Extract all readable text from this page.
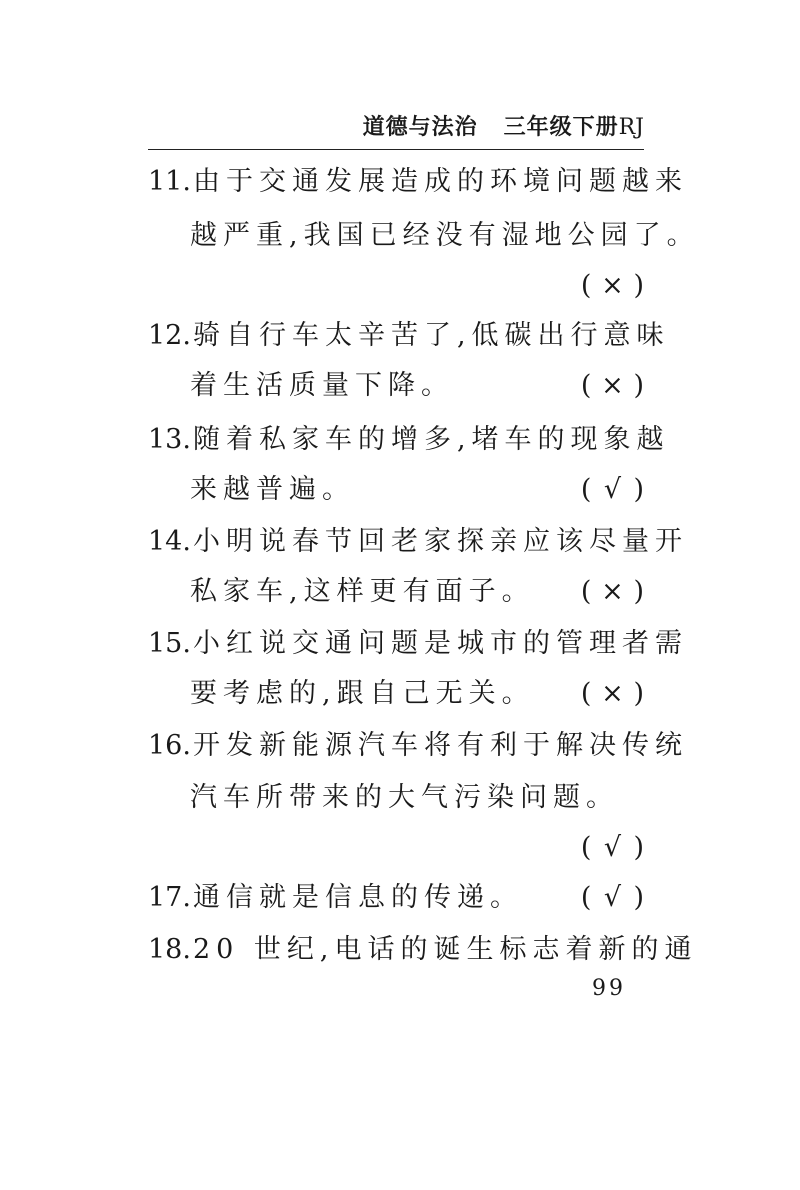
道德与法治 三年级下册RJ
11.由于交通发展造成的环境问题越来
越严重,我国已经没有湿地公园了。
( × )
12.骑自行车太辛苦了,低碳出行意味
着生活质量下降。	( × )
13.随着私家车的增多,堵车的现象越
来越普遍。	( √ )
14.小明说春节回老家探亲应该尽量开
私家车,这样更有面子。 ( × )
15.小红说交通问题是城市的管理者需
要考虑的,跟自己无关。 ( × )
16.开发新能源汽车将有利于解决传统
汽车所带来的大气污染问题。
( √ )
17.通信就是信息的传递。 ( √ )
18.20 世纪,电话的诞生标志着新的通
99
